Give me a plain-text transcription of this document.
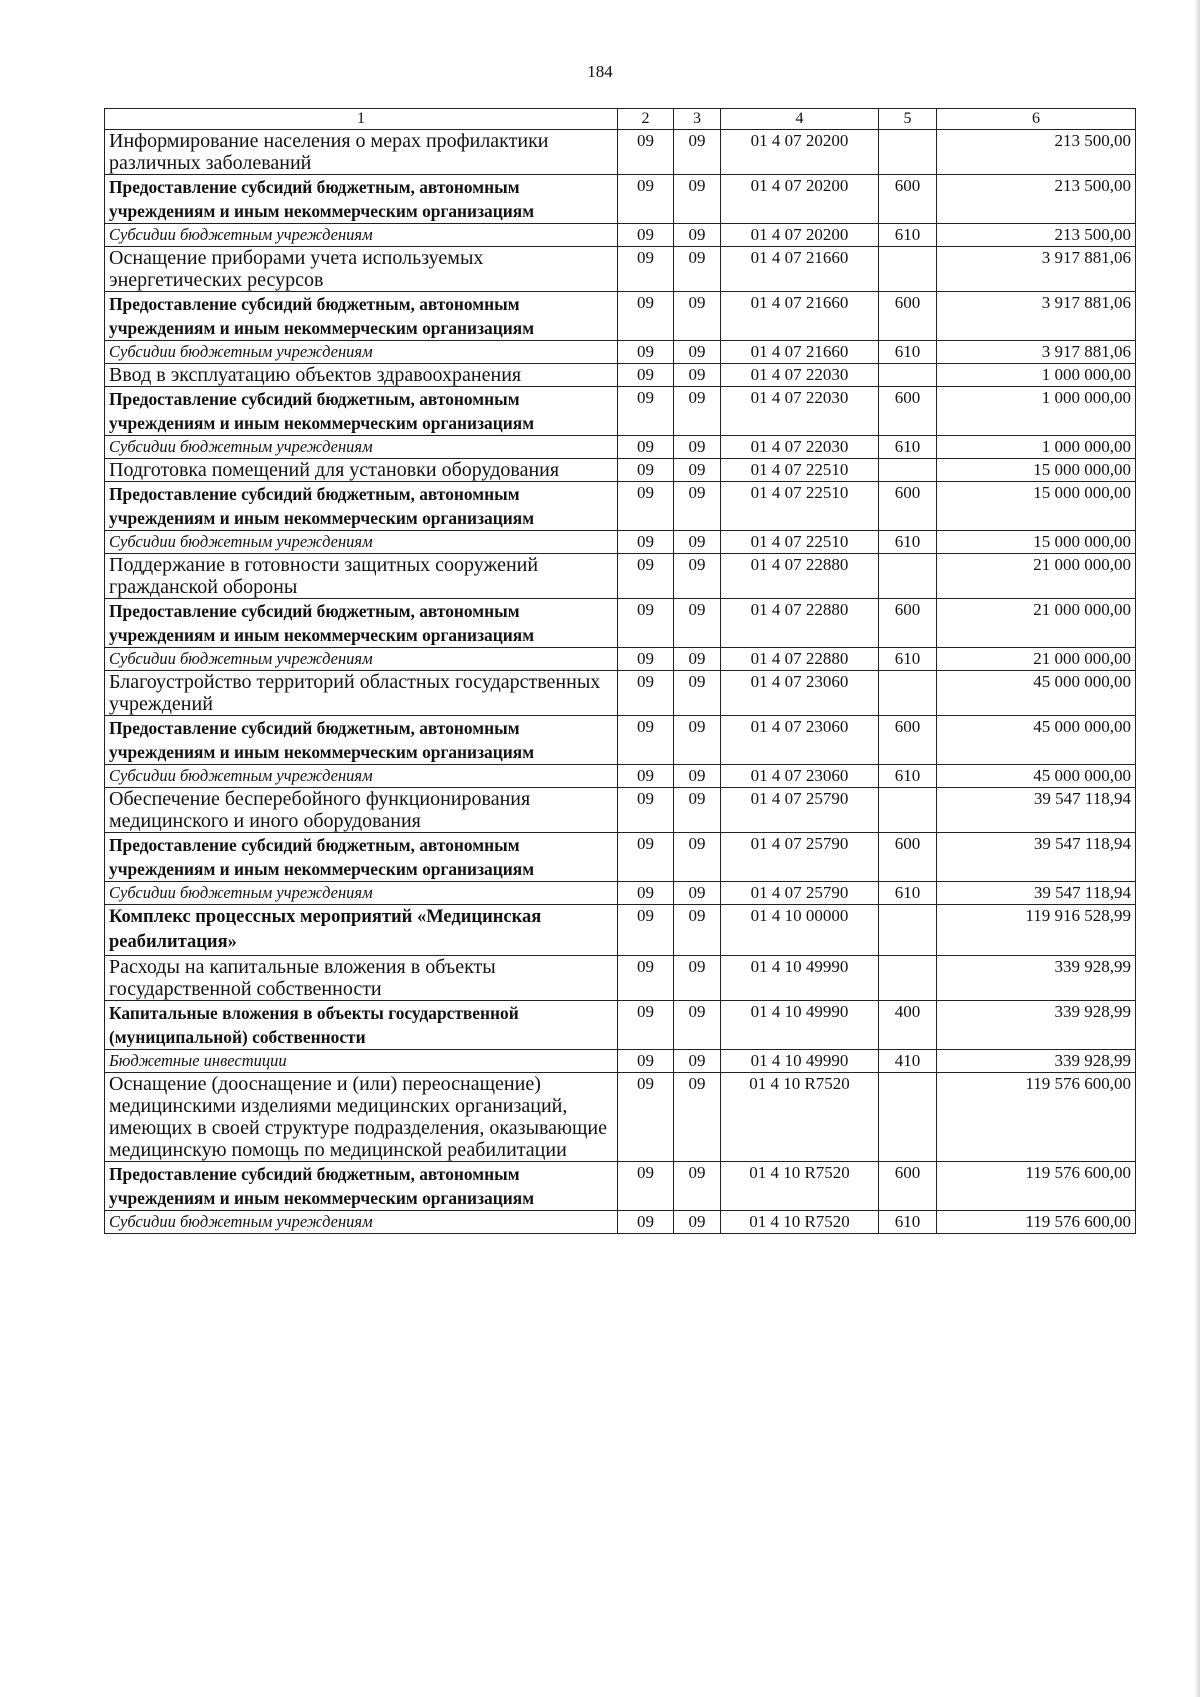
184
1	2	3	4	5	6
Информирование населения о мерах профилактики различных заболеваний	09	09	01 4 07 20200		213 500,00
Предоставление субсидий бюджетным, автономным учреждениям и иным некоммерческим организациям	09	09	01 4 07 20200	600	213 500,00
Субсидии бюджетным учреждениям	09	09	01 4 07 20200	610	213 500,00
Оснащение приборами учета используемых энергетических ресурсов	09	09	01 4 07 21660		3 917 881,06
Предоставление субсидий бюджетным, автономным учреждениям и иным некоммерческим организациям	09	09	01 4 07 21660	600	3 917 881,06
Субсидии бюджетным учреждениям	09	09	01 4 07 21660	610	3 917 881,06
Ввод в эксплуатацию объектов здравоохранения	09	09	01 4 07 22030		1 000 000,00
Предоставление субсидий бюджетным, автономным учреждениям и иным некоммерческим организациям	09	09	01 4 07 22030	600	1 000 000,00
Субсидии бюджетным учреждениям	09	09	01 4 07 22030	610	1 000 000,00
Подготовка помещений для установки оборудования	09	09	01 4 07 22510		15 000 000,00
Предоставление субсидий бюджетным, автономным учреждениям и иным некоммерческим организациям	09	09	01 4 07 22510	600	15 000 000,00
Субсидии бюджетным учреждениям	09	09	01 4 07 22510	610	15 000 000,00
Поддержание в готовности защитных сооружений гражданской обороны	09	09	01 4 07 22880		21 000 000,00
Предоставление субсидий бюджетным, автономным учреждениям и иным некоммерческим организациям	09	09	01 4 07 22880	600	21 000 000,00
Субсидии бюджетным учреждениям	09	09	01 4 07 22880	610	21 000 000,00
Благоустройство территорий областных государственных учреждений	09	09	01 4 07 23060		45 000 000,00
Предоставление субсидий бюджетным, автономным учреждениям и иным некоммерческим организациям	09	09	01 4 07 23060	600	45 000 000,00
Субсидии бюджетным учреждениям	09	09	01 4 07 23060	610	45 000 000,00
Обеспечение бесперебойного функционирования медицинского и иного оборудования	09	09	01 4 07 25790		39 547 118,94
Предоставление субсидий бюджетным, автономным учреждениям и иным некоммерческим организациям	09	09	01 4 07 25790	600	39 547 118,94
Субсидии бюджетным учреждениям	09	09	01 4 07 25790	610	39 547 118,94
Комплекс процессных мероприятий «Медицинская реабилитация»	09	09	01 4 10 00000		119 916 528,99
Расходы на капитальные вложения в объекты государственной собственности	09	09	01 4 10 49990		339 928,99
Капитальные вложения в объекты государственной (муниципальной) собственности	09	09	01 4 10 49990	400	339 928,99
Бюджетные инвестиции	09	09	01 4 10 49990	410	339 928,99
Оснащение (дооснащение и (или) переоснащение) медицинскими изделиями медицинских организаций, имеющих в своей структуре подразделения, оказывающие медицинскую помощь по медицинской реабилитации	09	09	01 4 10 R7520		119 576 600,00
Предоставление субсидий бюджетным, автономным учреждениям и иным некоммерческим организациям	09	09	01 4 10 R7520	600	119 576 600,00
Субсидии бюджетным учреждениям	09	09	01 4 10 R7520	610	119 576 600,00
